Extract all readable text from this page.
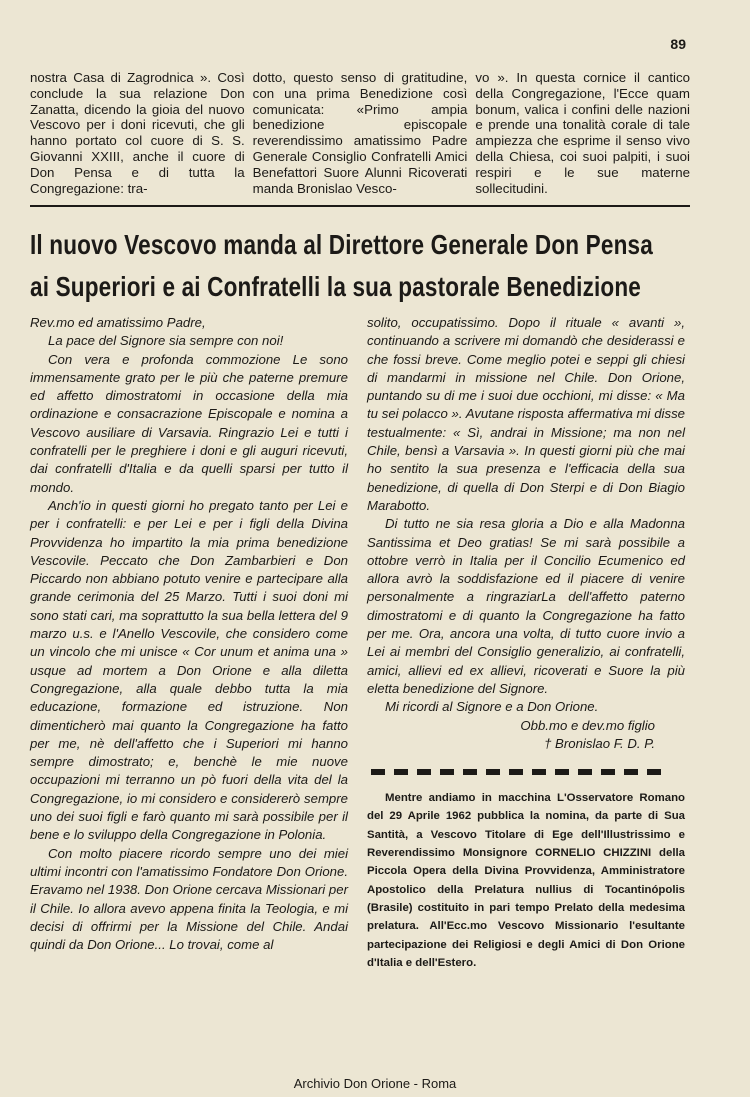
89

nostra Casa di Zagrodnica ». Così conclude la sua relazione Don Zanatta, dicendo la gioia del nuovo Vescovo per i doni ricevuti, che gli hanno portato col cuore di S. S. Giovanni XXIII, anche il cuore di Don Pensa e di tutta la Congregazione: tra-

dotto, questo senso di gratitudine, con una prima Benedizione così comunicata: «Primo ampia benedizione episcopale reverendissimo amatissimo Padre Generale Consiglio Confratelli Amici Benefattori Suore Alunni Ricoverati manda Bronislao Vesco-

vo ». In questa cornice il cantico della Congregazione, l'Ecce quam bonum, valica i confini delle nazioni e prende una tonalità corale di tale ampiezza che esprime il senso vivo della Chiesa, coi suoi palpiti, i suoi respiri e le sue materne sollecitudini.

Il nuovo Vescovo manda al Direttore Generale Don Pensa
ai Superiori e ai Confratelli la sua pastorale Benedizione

Rev.mo ed amatissimo Padre,

La pace del Signore sia sempre con noi!

Con vera e profonda commozione Le sono immensamente grato per le più che paterne premure ed affetto dimostratomi in occasione della mia ordinazione e consacrazione Episcopale e nomina a Vescovo ausiliare di Varsavia. Ringrazio Lei e tutti i confratelli per le preghiere i doni e gli auguri ricevuti, dai confratelli d'Italia e da quelli sparsi per tutto il mondo.

Anch'io in questi giorni ho pregato tanto per Lei e per i confratelli: e per Lei e per i figli della Divina Provvidenza ho impartito la mia prima benedizione Vescovile. Peccato che Don Zambarbieri e Don Piccardo non abbiano potuto venire e partecipare alla grande cerimonia del 25 Marzo. Tutti i suoi doni mi sono stati cari, ma soprattutto la sua bella lettera del 9 marzo u.s. e l'Anello Vescovile, che considero come un vincolo che mi unisce « Cor unum et anima una » usque ad mortem a Don Orione e alla diletta Congregazione, alla quale debbo tutta la mia educazione, formazione ed istruzione. Non dimenticherò mai quanto la Congregazione ha fatto per me, nè dell'affetto che i Superiori mi hanno sempre dimostrato; e, benchè le mie nuove occupazioni mi terranno un pò fuori della vita del la Congregazione, io mi considero e considererò sempre uno dei suoi figli e farò quanto mi sarà possibile per il bene e lo sviluppo della Congregazione in Polonia.

Con molto piacere ricordo sempre uno dei miei ultimi incontri con l'amatissimo Fondatore Don Orione. Eravamo nel 1938. Don Orione cercava Missionari per il Chile. Io allora avevo appena finita la Teologia, e mi decisi di offrirmi per la Missione del Chile. Andai quindi da Don Orione... Lo trovai, come al

solito, occupatissimo. Dopo il rituale « avanti », continuando a scrivere mi domandò che desiderassi e che fossi breve. Come meglio potei e seppi gli chiesi di mandarmi in missione nel Chile. Don Orione, puntando su di me i suoi due occhioni, mi disse: « Ma tu sei polacco ». Avutane risposta affermativa mi disse testualmente: « Sì, andrai in Missione; ma non nel Chile, bensì a Varsavia ». In questi giorni più che mai ho sentito la sua presenza e l'efficacia della sua benedizione, di quella di Don Sterpi e di Don Biagio Marabotto.

Di tutto ne sia resa gloria a Dio e alla Madonna Santissima et Deo gratias! Se mi sarà possibile a ottobre verrò in Italia per il Concilio Ecumenico ed allora avrò la soddisfazione ed il piacere di venire personalmente a ringraziarLa dell'affetto paterno dimostratomi e di quanto la Congregazione ha fatto per me. Ora, ancora una volta, di tutto cuore invio a Lei ai membri del Consiglio generalizio, ai confratelli, amici, allievi ed ex allievi, ricoverati e Suore la più eletta benedizione del Signore.

Mi ricordi al Signore e a Don Orione.

Obb.mo e dev.mo figlio

† Bronislao F. D. P.

Mentre andiamo in macchina L'Osservatore Romano del 29 Aprile 1962 pubblica la nomina, da parte di Sua Santità, a Vescovo Titolare di Ege dell'Illustrissimo e Reverendissimo Monsignore CORNELIO CHIZZINI della Piccola Opera della Divina Provvidenza, Amministratore Apostolico della Prelatura nullius di Tocantinópolis (Brasile) costituito in pari tempo Prelato della medesima prelatura. All'Ecc.mo Vescovo Missionario l'esultante partecipazione dei Religiosi e degli Amici di Don Orione d'Italia e dell'Estero.

Archivio Don Orione - Roma
